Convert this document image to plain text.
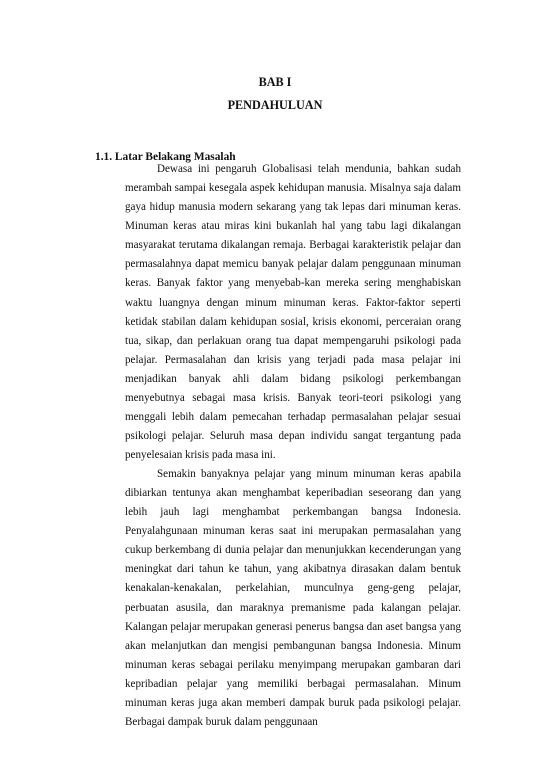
BAB I
PENDAHULUAN
1.1. Latar Belakang Masalah

Dewasa ini pengaruh Globalisasi telah mendunia, bahkan sudah merambah sampai kesegala aspek kehidupan manusia. Misalnya saja dalam gaya hidup manusia modern sekarang yang tak lepas dari minuman keras. Minuman keras atau miras kini bukanlah hal yang tabu lagi dikalangan masyarakat terutama dikalangan remaja. Berbagai karakteristik pelajar dan permasalahnya dapat memicu banyak pelajar dalam penggunaan minuman keras. Banyak faktor yang menyebab-kan mereka sering menghabiskan waktu luangnya dengan minum minuman keras. Faktor-faktor seperti ketidak stabilan dalam kehidupan sosial, krisis ekonomi, perceraian orang tua, sikap, dan perlakuan orang tua dapat mempengaruhi psikologi pada pelajar. Permasalahan dan krisis yang terjadi pada masa pelajar ini menjadikan banyak ahli dalam bidang psikologi perkembangan menyebutnya sebagai masa krisis. Banyak teori-teori psikologi yang menggali lebih dalam pemecahan terhadap permasalahan pelajar sesuai psikologi pelajar. Seluruh masa depan individu sangat tergantung pada penyelesaian krisis pada masa ini.

Semakin banyaknya pelajar yang minum minuman keras apabila dibiarkan tentunya akan menghambat keperibadian seseorang dan yang lebih jauh lagi menghambat perkembangan bangsa Indonesia. Penyalahgunaan minuman keras saat ini merupakan permasalahan yang cukup berkembang di dunia pelajar dan menunjukkan kecenderungan yang meningkat dari tahun ke tahun, yang akibatnya dirasakan dalam bentuk kenakalan-kenakalan, perkelahian, munculnya geng-geng pelajar, perbuatan asusila, dan maraknya premanisme pada kalangan pelajar. Kalangan pelajar merupakan generasi penerus bangsa dan aset bangsa yang akan melanjutkan dan mengisi pembangunan bangsa Indonesia. Minum minuman keras sebagai perilaku menyimpang merupakan gambaran dari kepribadian pelajar yang memiliki berbagai permasalahan. Minum minuman keras juga akan memberi dampak buruk pada psikologi pelajar. Berbagai dampak buruk dalam penggunaan
